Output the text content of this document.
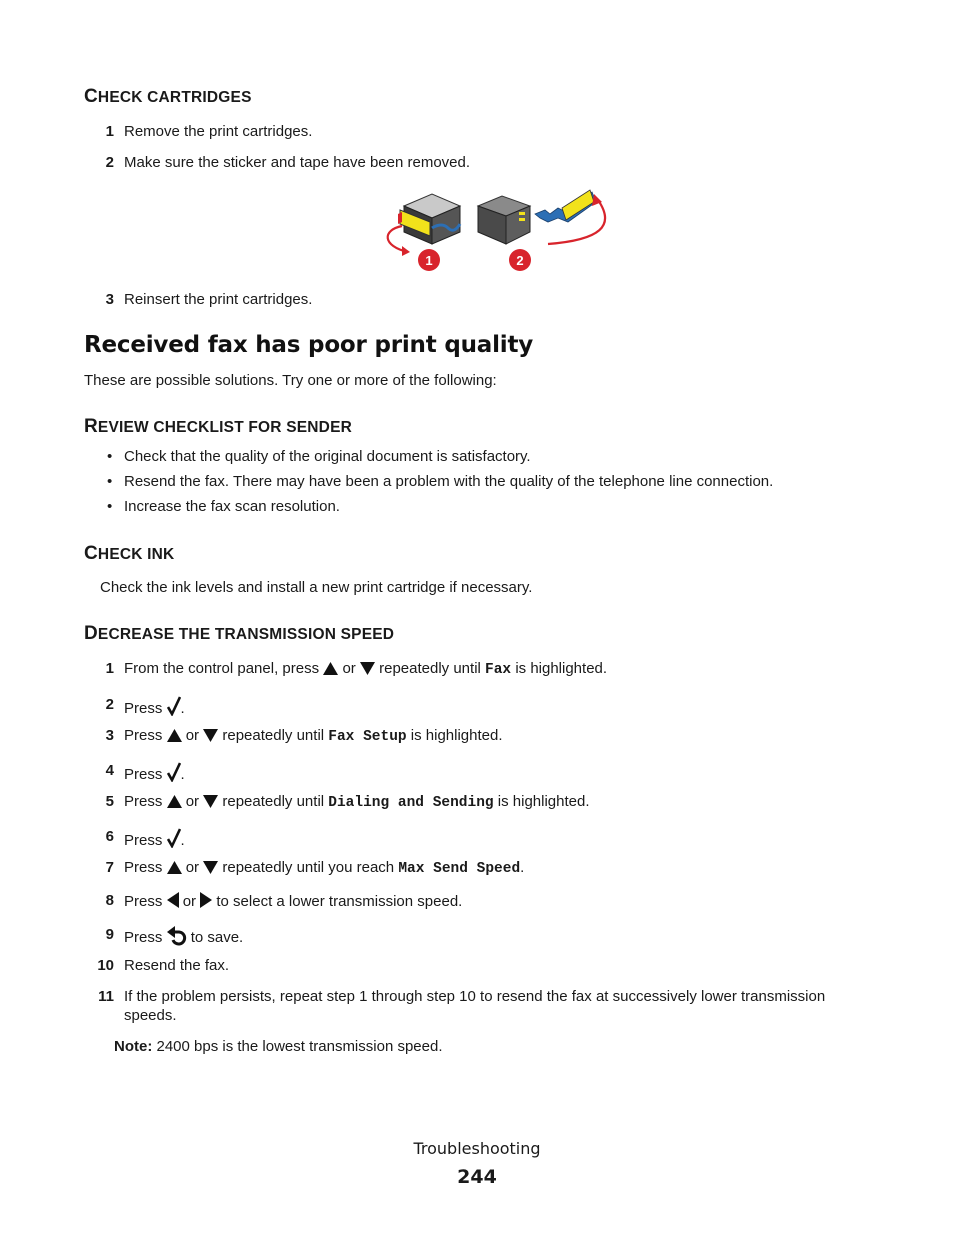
CHECK CARTRIDGES
1 Remove the print cartridges.
2 Make sure the sticker and tape have been removed.
1	2
3 Reinsert the print cartridges.
Received fax has poor print quality
These are possible solutions. Try one or more of the following:
REVIEW CHECKLIST FOR SENDER
• Check that the quality of the original document is satisfactory.
• Resend the fax. There may have been a problem with the quality of the telephone line connection.
• Increase the fax scan resolution.
CHECK INK
Check the ink levels and install a new print cartridge if necessary.
DECREASE THE TRANSMISSION SPEED
1 From the control panel, press or repeatedly until Fax is highlighted.
2 Press .
3 Press or repeatedly until Fax Setup is highlighted.
4 Press .
5 Press or repeatedly until Dialing and Sending is highlighted.
6 Press .
7 Press or repeatedly until you reach Max Send Speed.
8 Press or to select a lower transmission speed.
9 Press to save.
10 Resend the fax.
11 If the problem persists, repeat step 1 through step 10 to resend the fax at successively lower transmission
speeds.
Note: 2400 bps is the lowest transmission speed.
Troubleshooting
244
